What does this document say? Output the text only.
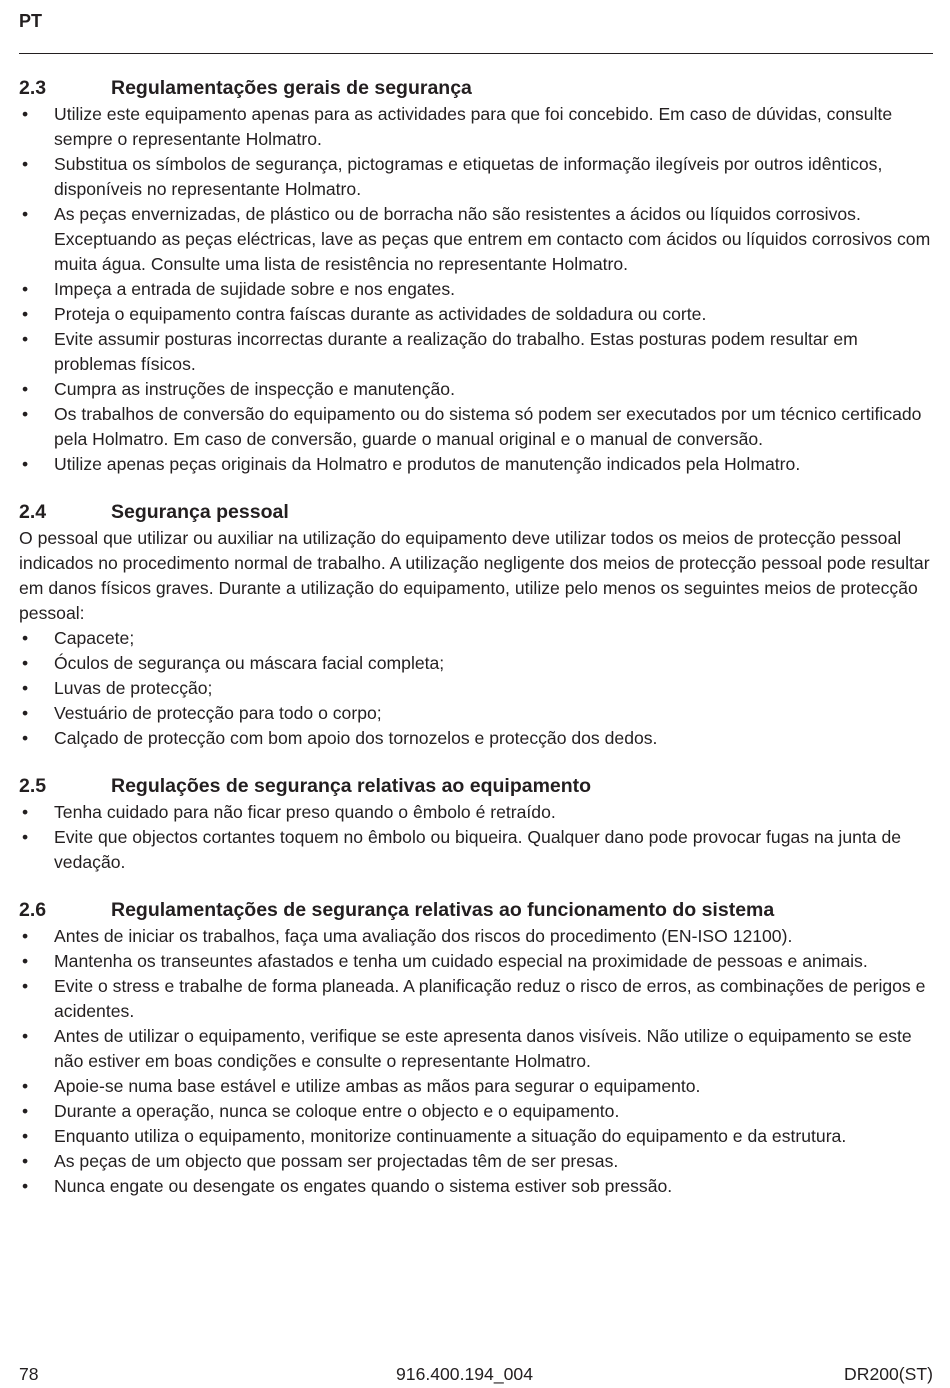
PT
2.3	Regulamentações gerais de segurança
• Utilize este equipamento apenas para as actividades para que foi concebido. Em caso de dúvidas, consulte sempre o representante Holmatro.
• Substitua os símbolos de segurança, pictogramas e etiquetas de informação ilegíveis por outros idênticos, disponíveis no representante Holmatro.
• As peças envernizadas, de plástico ou de borracha não são resistentes a ácidos ou líquidos corrosivos. Exceptuando as peças eléctricas, lave as peças que entrem em contacto com ácidos ou líquidos corrosivos com muita água. Consulte uma lista de resistência no representante Holmatro.
• Impeça a entrada de sujidade sobre e nos engates.
• Proteja o equipamento contra faíscas durante as actividades de soldadura ou corte.
• Evite assumir posturas incorrectas durante a realização do trabalho. Estas posturas podem resultar em problemas físicos.
• Cumpra as instruções de inspecção e manutenção.
• Os trabalhos de conversão do equipamento ou do sistema só podem ser executados por um técnico certificado pela Holmatro. Em caso de conversão, guarde o manual original e o manual de conversão.
• Utilize apenas peças originais da Holmatro e produtos de manutenção indicados pela Holmatro.
2.4	Segurança pessoal

O pessoal que utilizar ou auxiliar na utilização do equipamento deve utilizar todos os meios de protecção pessoal indicados no procedimento normal de trabalho. A utilização negligente dos meios de protecção pessoal pode resultar em danos físicos graves. Durante a utilização do equipamento, utilize pelo menos os seguintes meios de protecção pessoal:

• Capacete;
• Óculos de segurança ou máscara facial completa;
• Luvas de protecção;
• Vestuário de protecção para todo o corpo;
• Calçado de protecção com bom apoio dos tornozelos e protecção dos dedos.
2.5	Regulações de segurança relativas ao equipamento
• Tenha cuidado para não ficar preso quando o êmbolo é retraído.
• Evite que objectos cortantes toquem no êmbolo ou biqueira. Qualquer dano pode provocar fugas na junta de vedação.
2.6	Regulamentações de segurança relativas ao funcionamento do sistema
• Antes de iniciar os trabalhos, faça uma avaliação dos riscos do procedimento (EN-ISO 12100).
• Mantenha os transeuntes afastados e tenha um cuidado especial na proximidade de pessoas e animais.
• Evite o stress e trabalhe de forma planeada. A planificação reduz o risco de erros, as combinações de perigos e acidentes.
• Antes de utilizar o equipamento, verifique se este apresenta danos visíveis. Não utilize o equipamento se este não estiver em boas condições e consulte o representante Holmatro.
• Apoie-se numa base estável e utilize ambas as mãos para segurar o equipamento.
• Durante a operação, nunca se coloque entre o objecto e o equipamento.
• Enquanto utiliza o equipamento, monitorize continuamente a situação do equipamento e da estrutura.
• As peças de um objecto que possam ser projectadas têm de ser presas.
• Nunca engate ou desengate os engates quando o sistema estiver sob pressão.
78	916.400.194_004	DR200(ST)
